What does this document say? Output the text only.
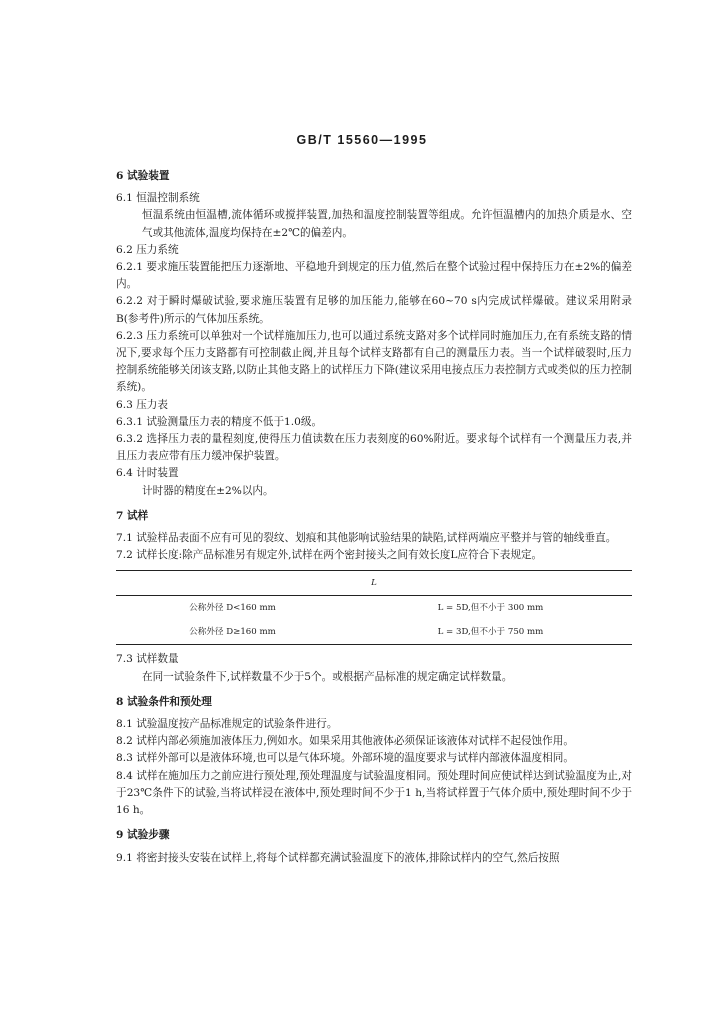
GB/T 15560—1995
6 试验装置
6.1 恒温控制系统
恒温系统由恒温槽,流体循环或搅拌装置,加热和温度控制装置等组成。允许恒温槽内的加热介质是水、空气或其他流体,温度均保持在±2℃的偏差内。
6.2 压力系统
6.2.1 要求施压装置能把压力逐渐地、平稳地升到规定的压力值,然后在整个试验过程中保持压力在±2%的偏差内。
6.2.2 对于瞬时爆破试验,要求施压装置有足够的加压能力,能够在60~70 s内完成试样爆破。建议采用附录B(参考件)所示的气体加压系统。
6.2.3 压力系统可以单独对一个试样施加压力,也可以通过系统支路对多个试样同时施加压力,在有系统支路的情况下,要求每个压力支路都有可控制截止阀,并且每个试样支路都有自己的测量压力表。当一个试样破裂时,压力控制系统能够关闭该支路,以防止其他支路上的试样压力下降(建议采用电接点压力表控制方式或类似的压力控制系统)。
6.3 压力表
6.3.1 试验测量压力表的精度不低于1.0级。
6.3.2 选择压力表的量程刻度,使得压力值读数在压力表刻度的60%附近。要求每个试样有一个测量压力表,并且压力表应带有压力缓冲保护装置。
6.4 计时装置
计时器的精度在±2%以内。
7 试样
7.1 试验样品表面不应有可见的裂纹、划痕和其他影响试验结果的缺陷,试样两端应平整并与管的轴线垂直。
7.2 试样长度:除产品标准另有规定外,试样在两个密封接头之间有效长度L应符合下表规定。
L	
公称外径 D<160 mm	L = 5D,但不小于 300 mm
公称外径 D≥160 mm	L = 3D,但不小于 750 mm
7.3 试样数量
在同一试验条件下,试样数量不少于5个。或根据产品标准的规定确定试样数量。
8 试验条件和预处理
8.1 试验温度按产品标准规定的试验条件进行。
8.2 试样内部必须施加液体压力,例如水。如果采用其他液体必须保证该液体对试样不起侵蚀作用。
8.3 试样外部可以是液体环境,也可以是气体环境。外部环境的温度要求与试样内部液体温度相同。
8.4 试样在施加压力之前应进行预处理,预处理温度与试验温度相同。预处理时间应使试样达到试验温度为止,对于23℃条件下的试验,当将试样浸在液体中,预处理时间不少于1 h,当将试样置于气体介质中,预处理时间不少于16 h。
9 试验步骤
9.1 将密封接头安装在试样上,将每个试样都充满试验温度下的液体,排除试样内的空气,然后按照
